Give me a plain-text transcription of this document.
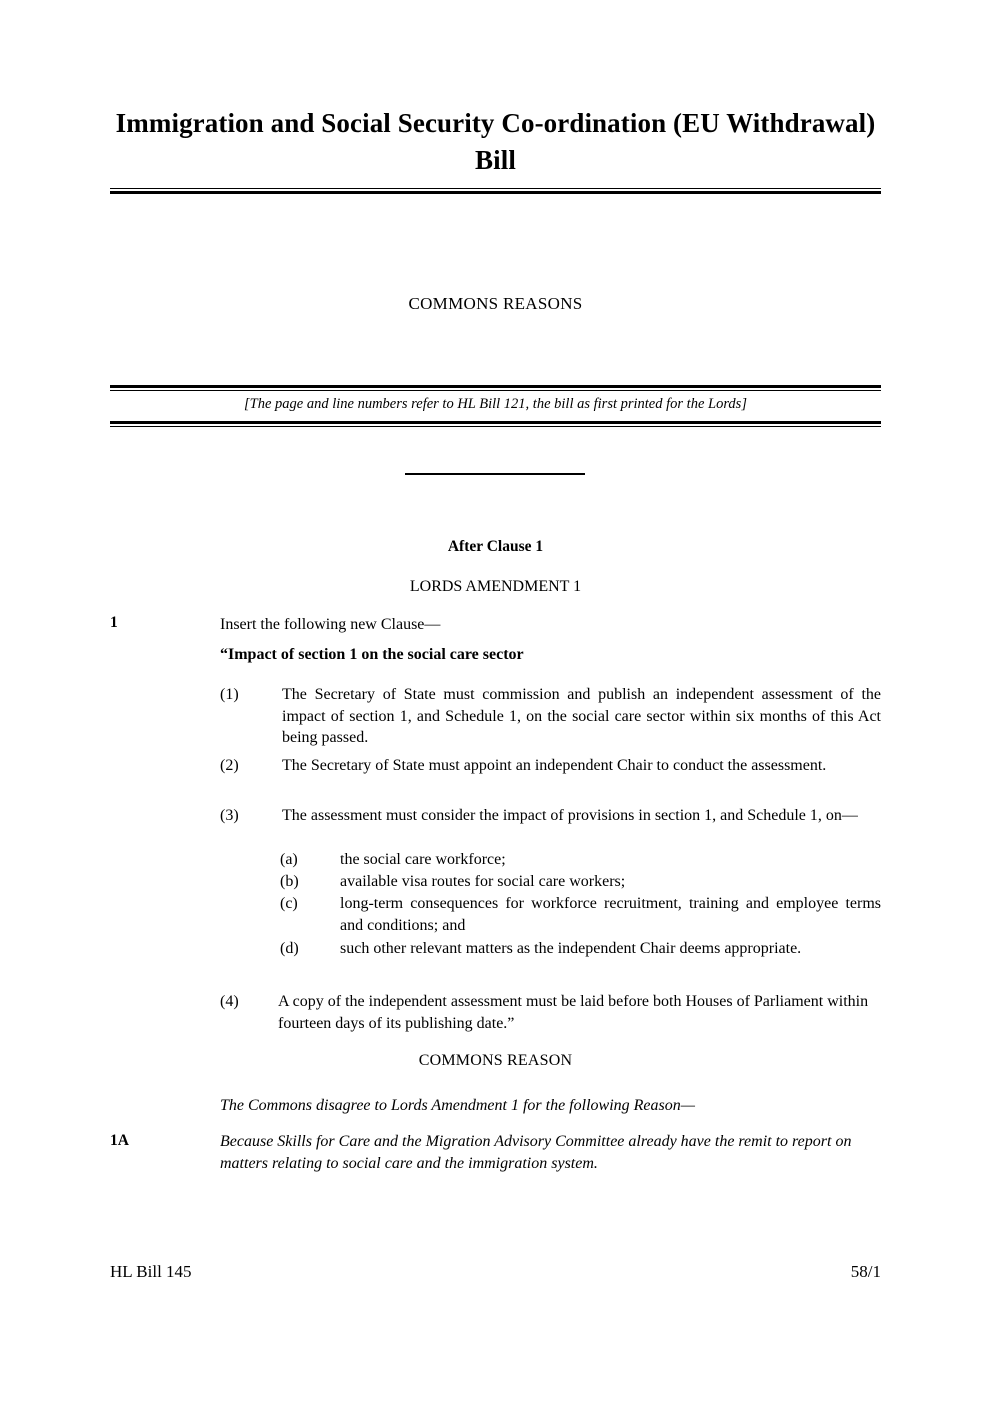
Immigration and Social Security Co-ordination (EU Withdrawal) Bill
COMMONS REASONS
[The page and line numbers refer to HL Bill 121, the bill as first printed for the Lords]
After Clause 1
LORDS AMENDMENT 1
1	Insert the following new Clause—
“Impact of section 1 on the social care sector
(1)	The Secretary of State must commission and publish an independent assessment of the impact of section 1, and Schedule 1, on the social care sector within six months of this Act being passed.
(2)	The Secretary of State must appoint an independent Chair to conduct the assessment.
(3)	The assessment must consider the impact of provisions in section 1, and Schedule 1, on—
(a)	the social care workforce;
(b)	available visa routes for social care workers;
(c)	long-term consequences for workforce recruitment, training and employee terms and conditions; and
(d)	such other relevant matters as the independent Chair deems appropriate.
(4)	A copy of the independent assessment must be laid before both Houses of Parliament within fourteen days of its publishing date.”
COMMONS REASON
The Commons disagree to Lords Amendment 1 for the following Reason—
1A	Because Skills for Care and the Migration Advisory Committee already have the remit to report on matters relating to social care and the immigration system.
HL Bill 145	58/1
